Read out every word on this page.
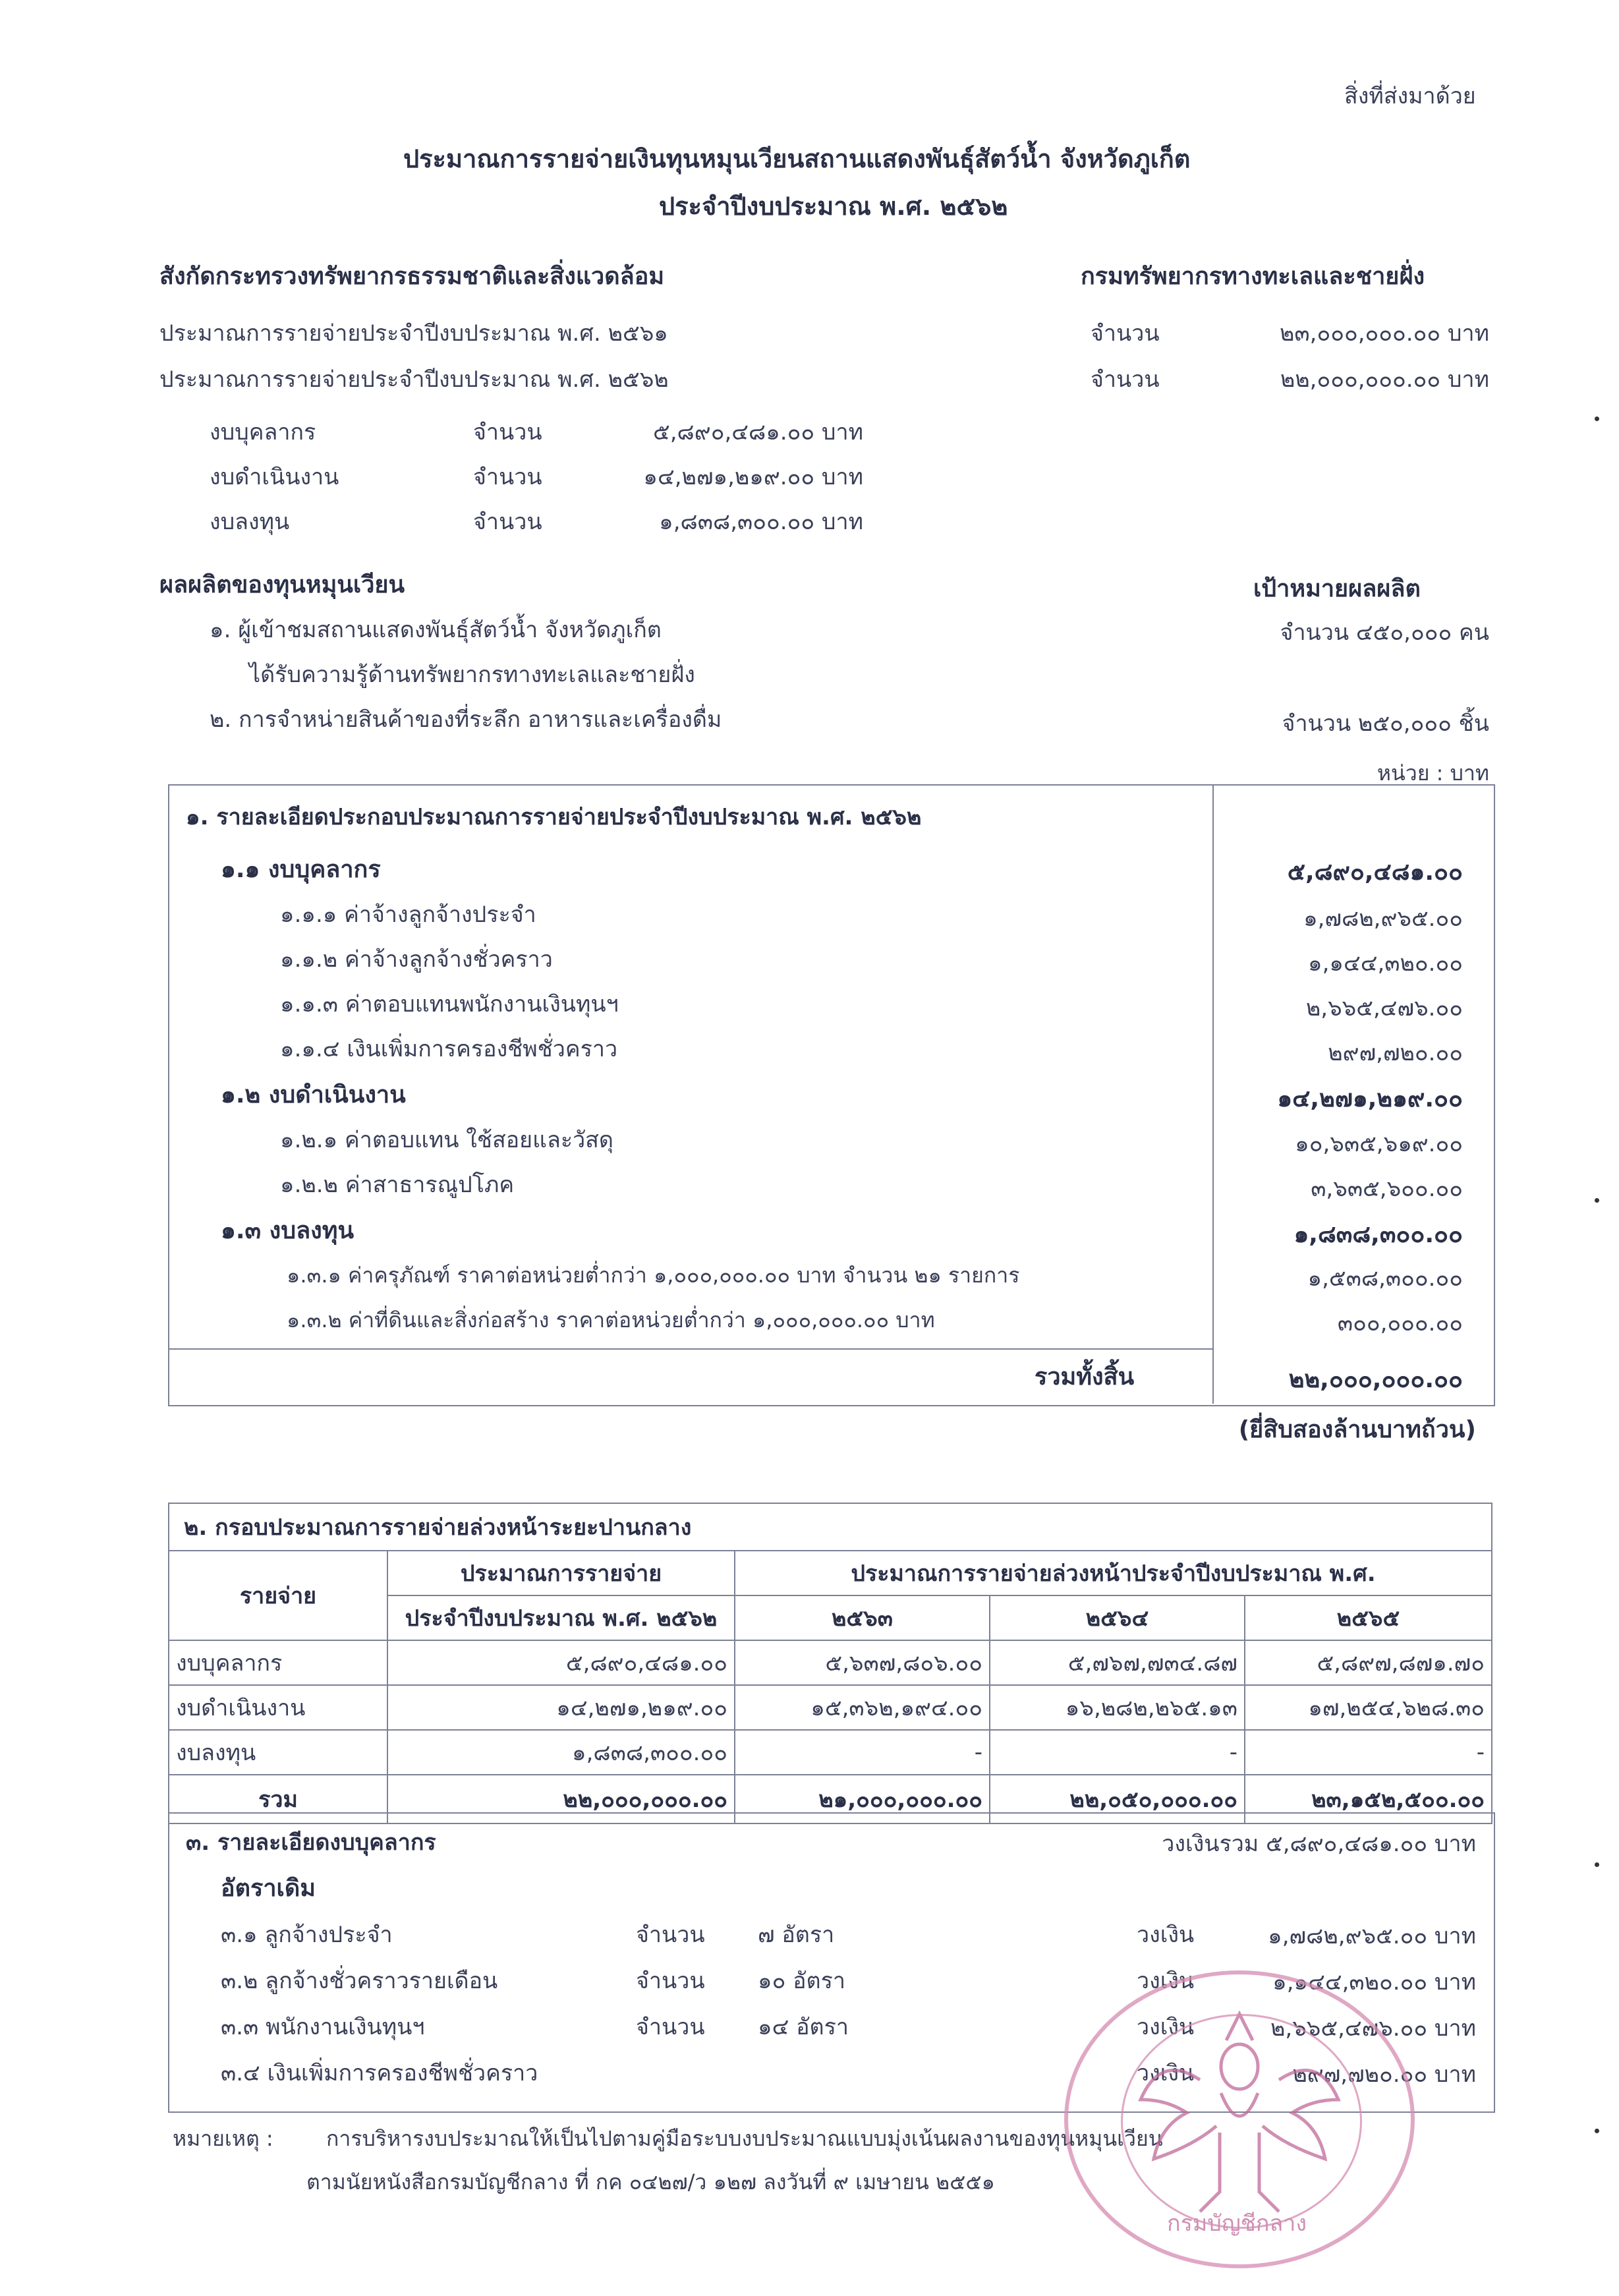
สิ่งที่ส่งมาด้วย
ประมาณการรายจ่ายเงินทุนหมุนเวียนสถานแสดงพันธุ์สัตว์น้ำ จังหวัดภูเก็ต
ประจำปีงบประมาณ พ.ศ. ๒๕๖๒
สังกัดกระทรวงทรัพยากรธรรมชาติและสิ่งแวดล้อม	กรมทรัพยากรทางทะเลและชายฝั่ง
ประมาณการรายจ่ายประจำปีงบประมาณ พ.ศ. ๒๕๖๑	จำนวน	๒๓,๐๐๐,๐๐๐.๐๐ บาท
ประมาณการรายจ่ายประจำปีงบประมาณ พ.ศ. ๒๕๖๒	จำนวน	๒๒,๐๐๐,๐๐๐.๐๐ บาท
งบบุคลากร	จำนวน	๕,๘๙๐,๔๘๑.๐๐ บาท
งบดำเนินงาน	จำนวน	๑๔,๒๗๑,๒๑๙.๐๐ บาท
งบลงทุน	จำนวน	๑,๘๓๘,๓๐๐.๐๐ บาท
ผลผลิตของทุนหมุนเวียน	เป้าหมายผลผลิต
๑. ผู้เข้าชมสถานแสดงพันธุ์สัตว์น้ำ จังหวัดภูเก็ต
ได้รับความรู้ด้านทรัพยากรทางทะเลและชายฝั่ง
จำนวน ๔๕๐,๐๐๐ คน
๒. การจำหน่ายสินค้าของที่ระลึก อาหารและเครื่องดื่ม	จำนวน ๒๕๐,๐๐๐ ชิ้น
หน่วย : บาท
๑. รายละเอียดประกอบประมาณการรายจ่ายประจำปีงบประมาณ พ.ศ. ๒๕๖๒
๑.๑ งบบุคลากร	๕,๘๙๐,๔๘๑.๐๐
๑.๑.๑ ค่าจ้างลูกจ้างประจำ	๑,๗๘๒,๙๖๕.๐๐
๑.๑.๒ ค่าจ้างลูกจ้างชั่วคราว	๑,๑๔๔,๓๒๐.๐๐
๑.๑.๓ ค่าตอบแทนพนักงานเงินทุนฯ	๒,๖๖๕,๔๗๖.๐๐
๑.๑.๔ เงินเพิ่มการครองชีพชั่วคราว	๒๙๗,๗๒๐.๐๐
๑.๒ งบดำเนินงาน	๑๔,๒๗๑,๒๑๙.๐๐
๑.๒.๑ ค่าตอบแทน ใช้สอยและวัสดุ	๑๐,๖๓๕,๖๑๙.๐๐
๑.๒.๒ ค่าสาธารณูปโภค	๓,๖๓๕,๖๐๐.๐๐
๑.๓ งบลงทุน	๑,๘๓๘,๓๐๐.๐๐
๑.๓.๑ ค่าครุภัณฑ์ ราคาต่อหน่วยต่ำกว่า ๑,๐๐๐,๐๐๐.๐๐ บาท จำนวน ๒๑ รายการ	๑,๕๓๘,๓๐๐.๐๐
๑.๓.๒ ค่าที่ดินและสิ่งก่อสร้าง ราคาต่อหน่วยต่ำกว่า ๑,๐๐๐,๐๐๐.๐๐ บาท	๓๐๐,๐๐๐.๐๐
รวมทั้งสิ้น	๒๒,๐๐๐,๐๐๐.๐๐
(ยี่สิบสองล้านบาทถ้วน)
๒. กรอบประมาณการรายจ่ายล่วงหน้าระยะปานกลาง				
รายจ่าย	ประมาณการรายจ่าย	ประมาณการรายจ่ายล่วงหน้าประจำปีงบประมาณ พ.ศ.		
	ประจำปีงบประมาณ พ.ศ. ๒๕๖๒	๒๕๖๓	๒๕๖๔	๒๕๖๕
งบบุคลากร	๕,๘๙๐,๔๘๑.๐๐	๕,๖๓๗,๘๐๖.๐๐	๕,๗๖๗,๗๓๔.๘๗	๕,๘๙๗,๘๗๑.๗๐
งบดำเนินงาน	๑๔,๒๗๑,๒๑๙.๐๐	๑๕,๓๖๒,๑๙๔.๐๐	๑๖,๒๘๒,๒๖๕.๑๓	๑๗,๒๕๔,๖๒๘.๓๐
งบลงทุน	๑,๘๓๘,๓๐๐.๐๐	-	-	-
รวม	๒๒,๐๐๐,๐๐๐.๐๐	๒๑,๐๐๐,๐๐๐.๐๐	๒๒,๐๕๐,๐๐๐.๐๐	๒๓,๑๕๒,๕๐๐.๐๐
๓. รายละเอียดงบบุคลากร	วงเงินรวม ๕,๘๙๐,๔๘๑.๐๐ บาท
อัตราเดิม
๓.๑ ลูกจ้างประจำ	จำนวน ๗ อัตรา	วงเงิน	๑,๗๘๒,๙๖๕.๐๐ บาท
๓.๒ ลูกจ้างชั่วคราวรายเดือน	จำนวน ๑๐ อัตรา	วงเงิน	๑,๑๔๔,๓๒๐.๐๐ บาท
๓.๓ พนักงานเงินทุนฯ	จำนวน ๑๔ อัตรา	วงเงิน	๒,๖๖๕,๔๗๖.๐๐ บาท
๓.๔ เงินเพิ่มการครองชีพชั่วคราว	วงเงิน	๒๙๗,๗๒๐.๐๐ บาท
หมายเหตุ :	การบริหารงบประมาณให้เป็นไปตามคู่มือระบบงบประมาณแบบมุ่งเน้นผลงานของทุนหมุนเวียน
ตามนัยหนังสือกรมบัญชีกลาง ที่ กค ๐๔๒๗/ว ๑๒๗ ลงวันที่ ๙ เมษายน ๒๕๕๑
กรมบัญชีกลาง
